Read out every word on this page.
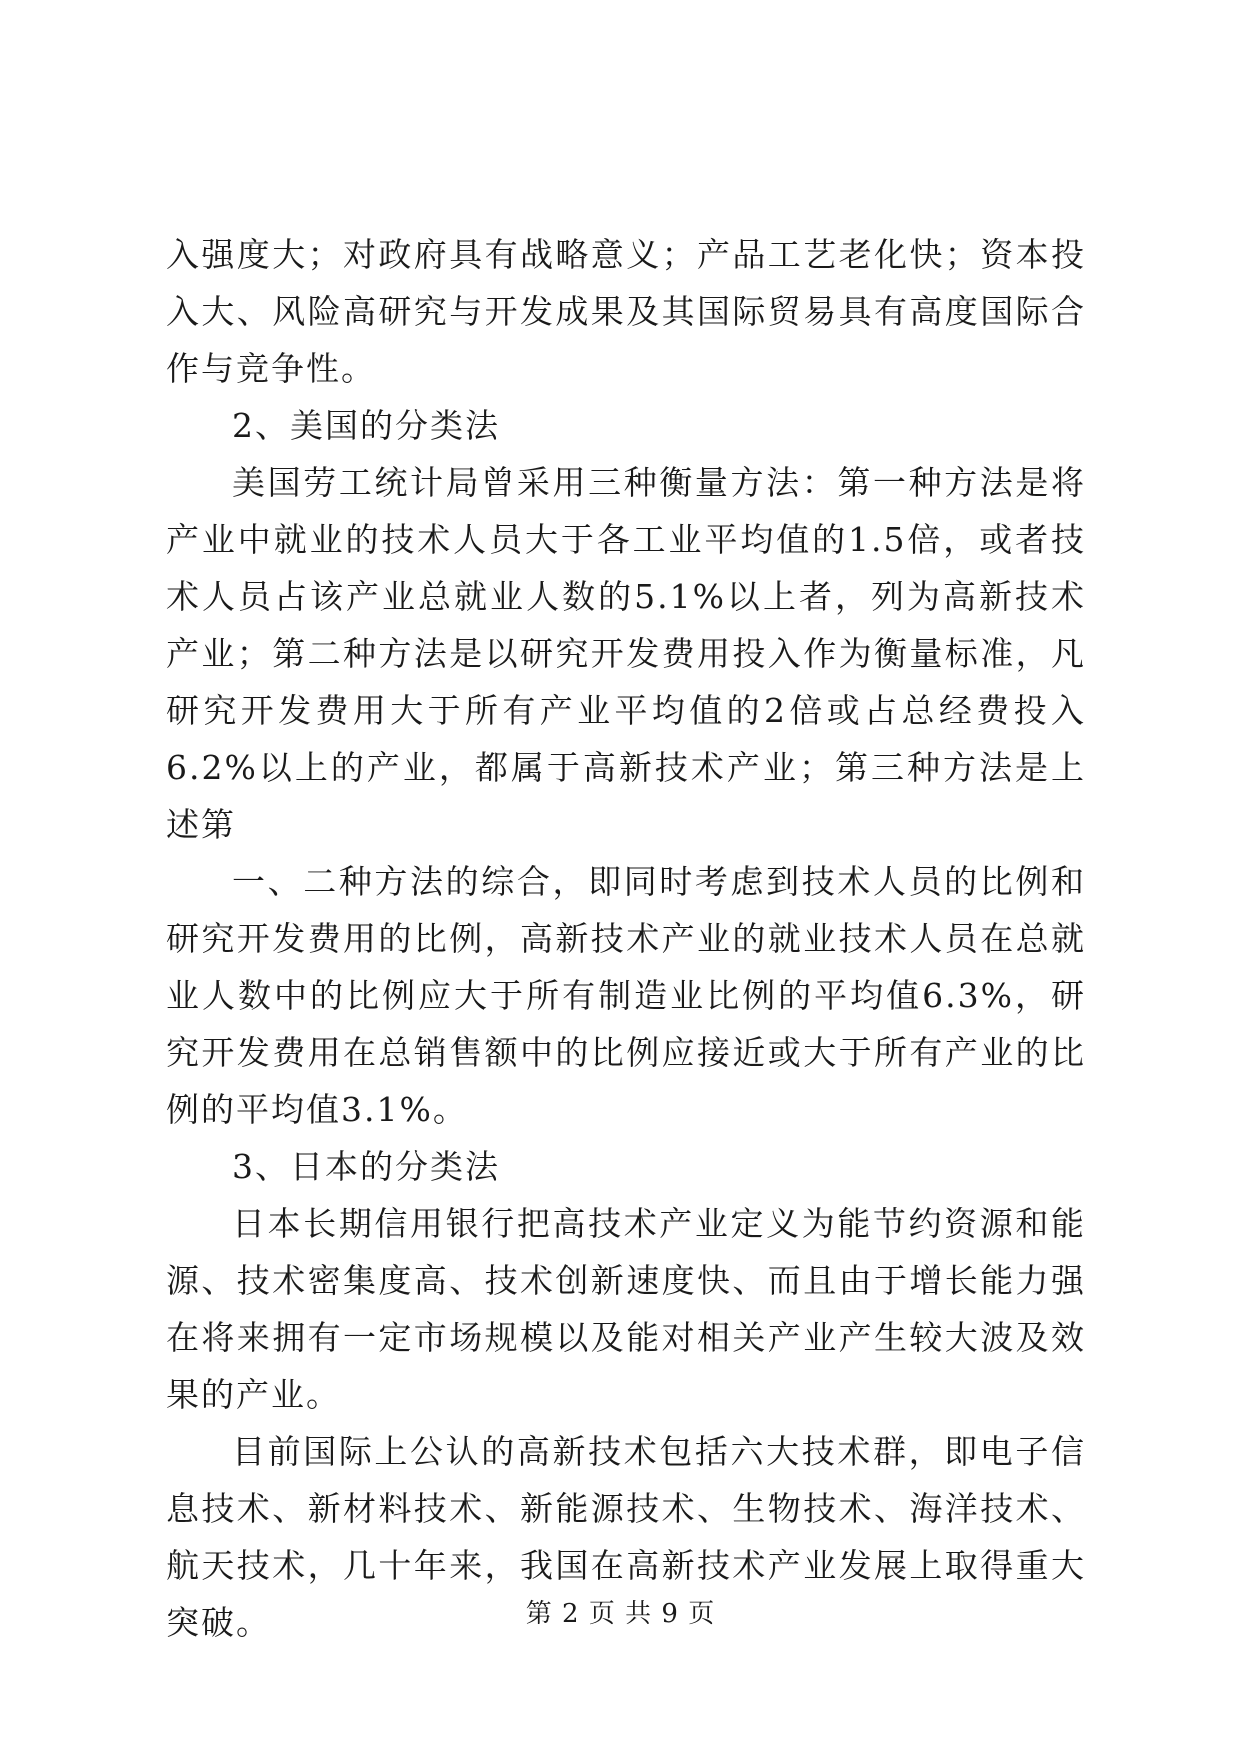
入强度大；对政府具有战略意义；产品工艺老化快；资本投入大、风险高研究与开发成果及其国际贸易具有高度国际合作与竞争性。

2、美国的分类法

美国劳工统计局曾采用三种衡量方法：第一种方法是将产业中就业的技术人员大于各工业平均值的1.5倍，或者技术人员占该产业总就业人数的5.1%以上者，列为高新技术产业；第二种方法是以研究开发费用投入作为衡量标准，凡研究开发费用大于所有产业平均值的2倍或占总经费投入6.2%以上的产业，都属于高新技术产业；第三种方法是上述第

一、二种方法的综合，即同时考虑到技术人员的比例和研究开发费用的比例，高新技术产业的就业技术人员在总就业人数中的比例应大于所有制造业比例的平均值6.3%，研究开发费用在总销售额中的比例应接近或大于所有产业的比例的平均值3.1%。

3、日本的分类法

日本长期信用银行把高技术产业定义为能节约资源和能源、技术密集度高、技术创新速度快、而且由于增长能力强在将来拥有一定市场规模以及能对相关产业产生较大波及效果的产业。

目前国际上公认的高新技术包括六大技术群，即电子信息技术、新材料技术、新能源技术、生物技术、海洋技术、航天技术，几十年来，我国在高新技术产业发展上取得重大突破。	第 2 页 共 9 页
